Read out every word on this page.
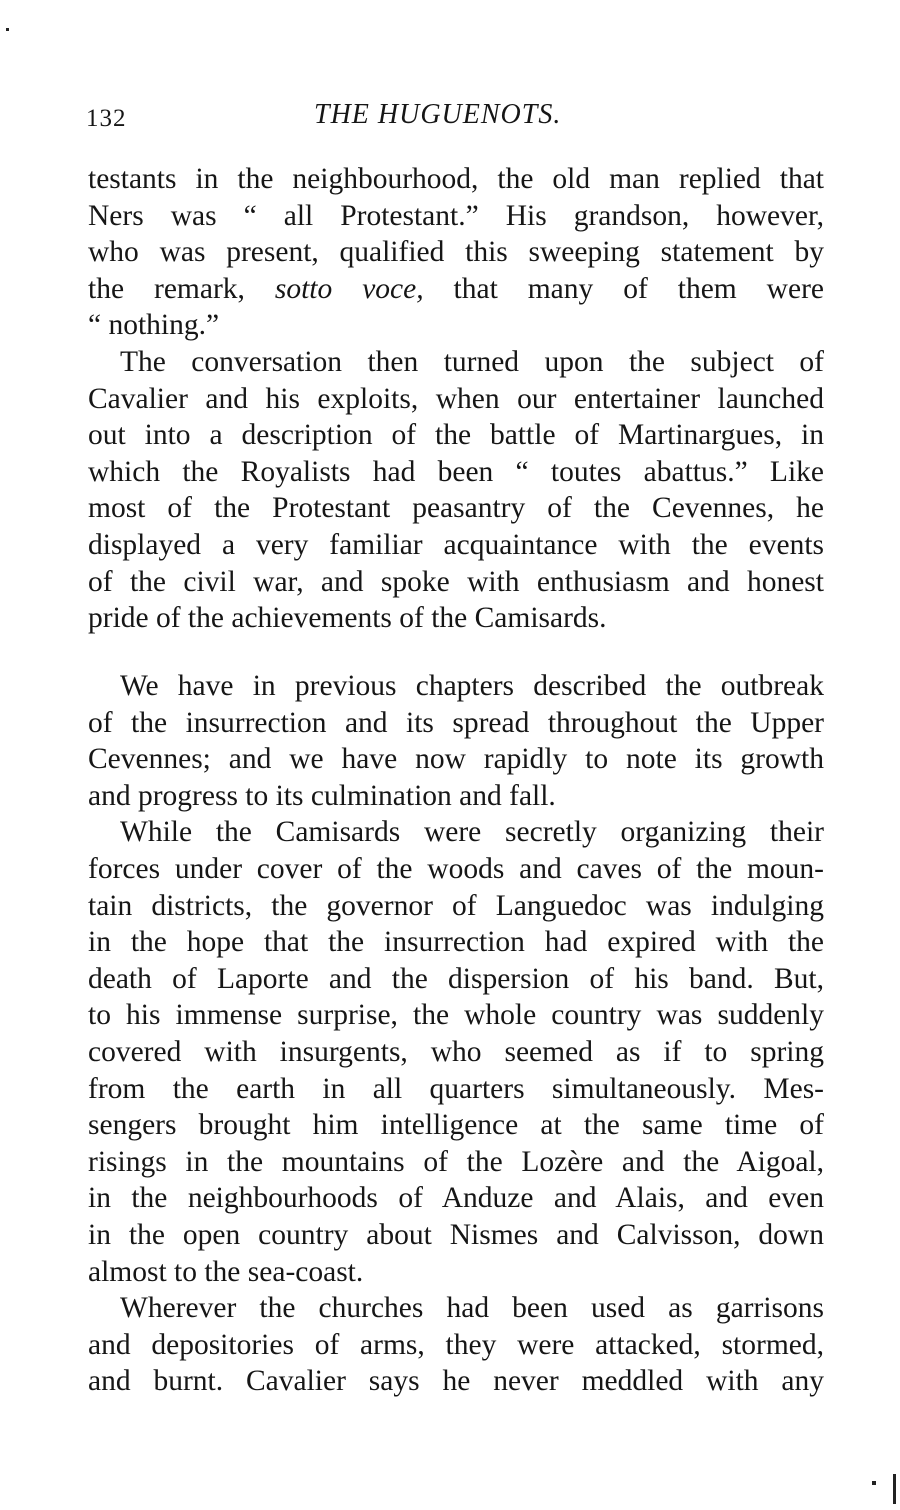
132	THE HUGUENOTS.
testants in the neighbourhood, the old man replied that
Ners was “ all Protestant.” His grandson, however,
who was present, qualified this sweeping statement by
the remark, sotto voce, that many of them were
“ nothing.”
The conversation then turned upon the subject of
Cavalier and his exploits, when our entertainer launched
out into a description of the battle of Martinargues, in
which the Royalists had been “ toutes abattus.” Like
most of the Protestant peasantry of the Cevennes, he
displayed a very familiar acquaintance with the events
of the civil war, and spoke with enthusiasm and honest
pride of the achievements of the Camisards.
We have in previous chapters described the outbreak
of the insurrection and its spread throughout the Upper
Cevennes; and we have now rapidly to note its growth
and progress to its culmination and fall.
While the Camisards were secretly organizing their
forces under cover of the woods and caves of the moun-
tain districts, the governor of Languedoc was indulging
in the hope that the insurrection had expired with the
death of Laporte and the dispersion of his band. But,
to his immense surprise, the whole country was suddenly
covered with insurgents, who seemed as if to spring
from the earth in all quarters simultaneously. Mes-
sengers brought him intelligence at the same time of
risings in the mountains of the Lozère and the Aigoal,
in the neighbourhoods of Anduze and Alais, and even
in the open country about Nismes and Calvisson, down
almost to the sea-coast.
Wherever the churches had been used as garrisons
and depositories of arms, they were attacked, stormed,
and burnt. Cavalier says he never meddled with any
